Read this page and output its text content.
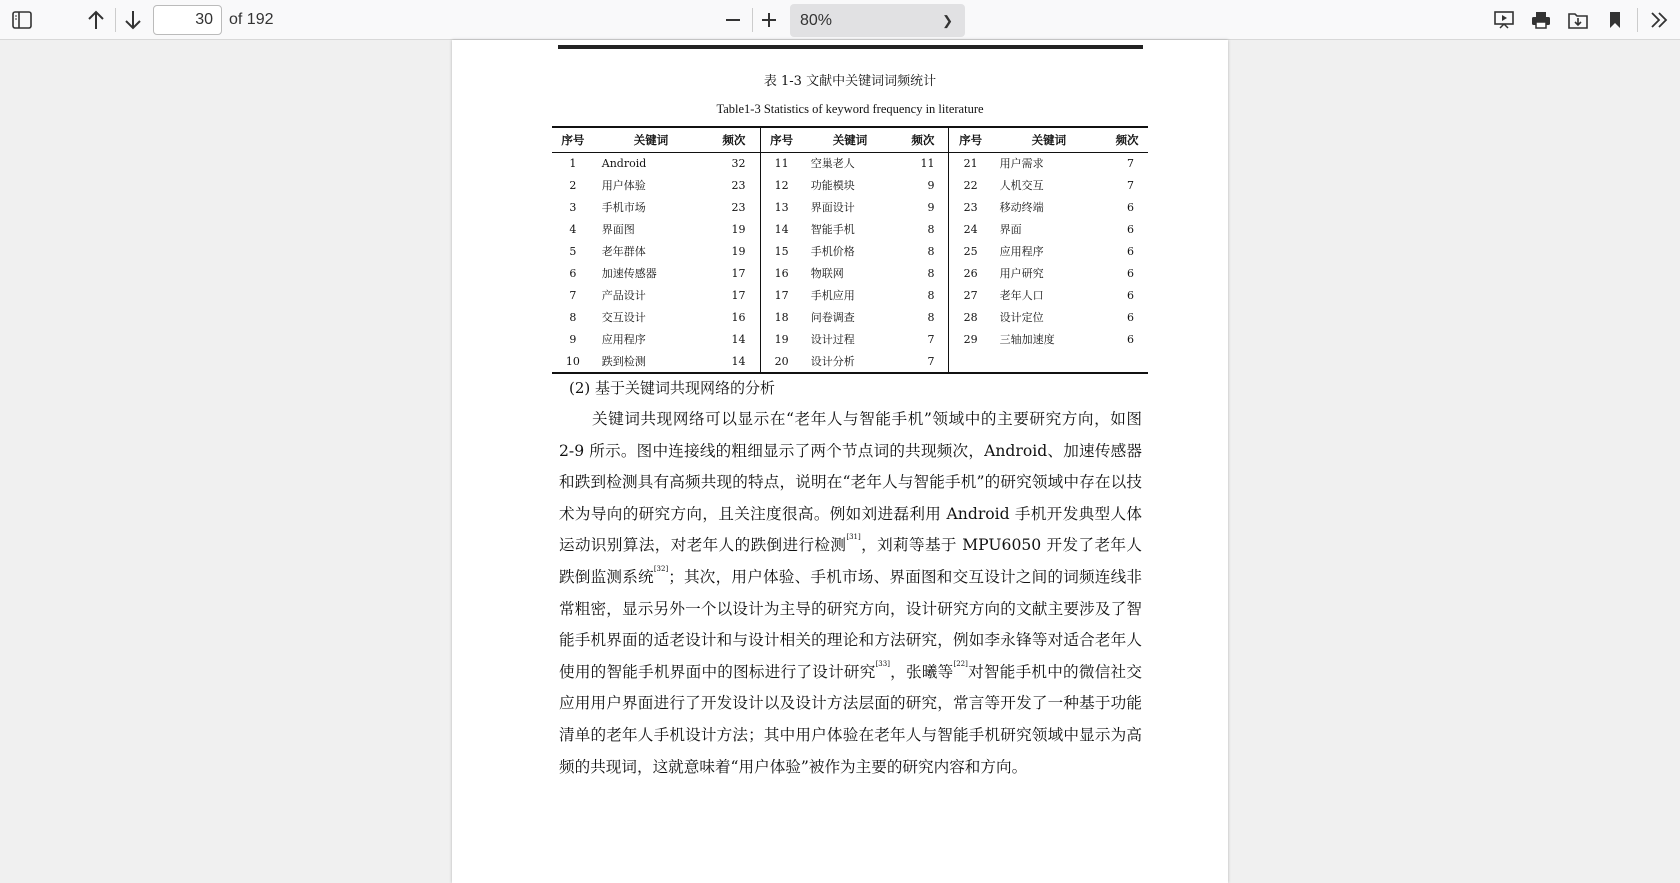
30	of 192	80%	❯
表 1-3 文献中关键词词频统计
Table1-3 Statistics of keyword frequency in literature
序号	关键词	频次	序号	关键词	频次	序号	关键词	频次
1	Android	32	11	空巢老人	11	21	用户需求	7
2	用户体验	23	12	功能模块	9	22	人机交互	7
3	手机市场	23	13	界面设计	9	23	移动终端	6
4	界面图	19	14	智能手机	8	24	界面	6
5	老年群体	19	15	手机价格	8	25	应用程序	6
6	加速传感器	17	16	物联网	8	26	用户研究	6
7	产品设计	17	17	手机应用	8	27	老年人口	6
8	交互设计	16	18	问卷调查	8	28	设计定位	6
9	应用程序	14	19	设计过程	7	29	三轴加速度	6
10	跌到检测	14	20	设计分析	7			
(2) 基于关键词共现网络的分析
关键词共现网络可以显示在“老年人与智能手机”领域中的主要研究方向，如图 2-9 所示。图中连接线的粗细显示了两个节点词的共现频次，Android、加速传感器和跌到检测具有高频共现的特点，说明在“老年人与智能手机”的研究领域中存在以技术为导向的研究方向，且关注度很高。例如刘进磊利用 Android 手机开发典型人体运动识别算法，对老年人的跌倒进行检测[31]，刘莉等基于 MPU6050 开发了老年人跌倒监测系统[32]；其次，用户体验、手机市场、界面图和交互设计之间的词频连线非常粗密，显示另外一个以设计为主导的研究方向，设计研究方向的文献主要涉及了智能手机界面的适老设计和与设计相关的理论和方法研究，例如李永锋等对适合老年人使用的智能手机界面中的图标进行了设计研究[33]，张曦等[22]对智能手机中的微信社交应用用户界面进行了开发设计以及设计方法层面的研究，常言等开发了一种基于功能清单的老年人手机设计方法；其中用户体验在老年人与智能手机研究领域中显示为高频的共现词，这就意味着“用户体验”被作为主要的研究内容和方向。
